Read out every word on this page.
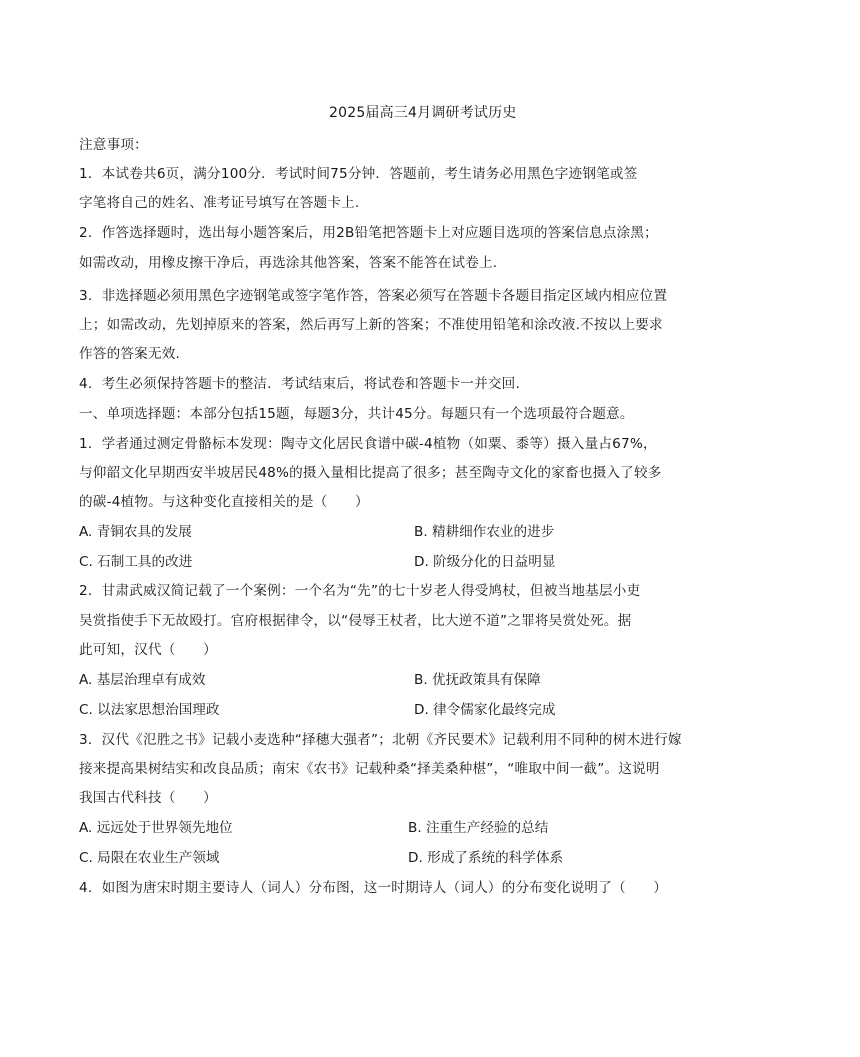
2025届高三4月调研考试历史
注意事项：
1．本试卷共6页，满分100分．考试时间75分钟．答题前，考生请务必用黑色字迹钢笔或签
字笔将自己的姓名、准考证号填写在答题卡上.
2．作答选择题时，选出每小题答案后，用2B铅笔把答题卡上对应题目选项的答案信息点涂黑；
如需改动，用橡皮擦干净后，再选涂其他答案，答案不能答在试卷上.
3．非选择题必须用黑色字迹钢笔或签字笔作答，答案必须写在答题卡各题目指定区域内相应位置
上；如需改动，先划掉原来的答案，然后再写上新的答案；不准使用铅笔和涂改液.不按以上要求
作答的答案无效.
4．考生必须保持答题卡的整洁．考试结束后，将试卷和答题卡一并交回.
一、单项选择题：本部分包括15题，每题3分，共计45分。每题只有一个选项最符合题意。
1．学者通过测定骨骼标本发现：陶寺文化居民食谱中碳-4植物（如粟、黍等）摄入量占67%，
与仰韶文化早期西安半坡居民48%的摄入量相比提高了很多；甚至陶寺文化的家畜也摄入了较多
的碳-4植物。与这种变化直接相关的是（　　）
A. 青铜农具的发展	B. 精耕细作农业的进步
C. 石制工具的改进	D. 阶级分化的日益明显
2．甘肃武威汉简记载了一个案例：一个名为“先”的七十岁老人得受鸠杖，但被当地基层小吏
吴赏指使手下无故殴打。官府根据律令，以“侵辱王杖者，比大逆不道”之罪将吴赏处死。据
此可知，汉代（　　）
A. 基层治理卓有成效	B. 优抚政策具有保障
C. 以法家思想治国理政	D. 律令儒家化最终完成
3．汉代《氾胜之书》记载小麦选种“择穗大强者”；北朝《齐民要术》记载利用不同种的树木进行嫁
接来提高果树结实和改良品质；南宋《农书》记载种桑“择美桑种椹”，“唯取中间一截”。这说明
我国古代科技（　　）
A. 远远处于世界领先地位	B. 注重生产经验的总结
C. 局限在农业生产领域	D. 形成了系统的科学体系
4．如图为唐宋时期主要诗人（词人）分布图，这一时期诗人（词人）的分布变化说明了（　　）
